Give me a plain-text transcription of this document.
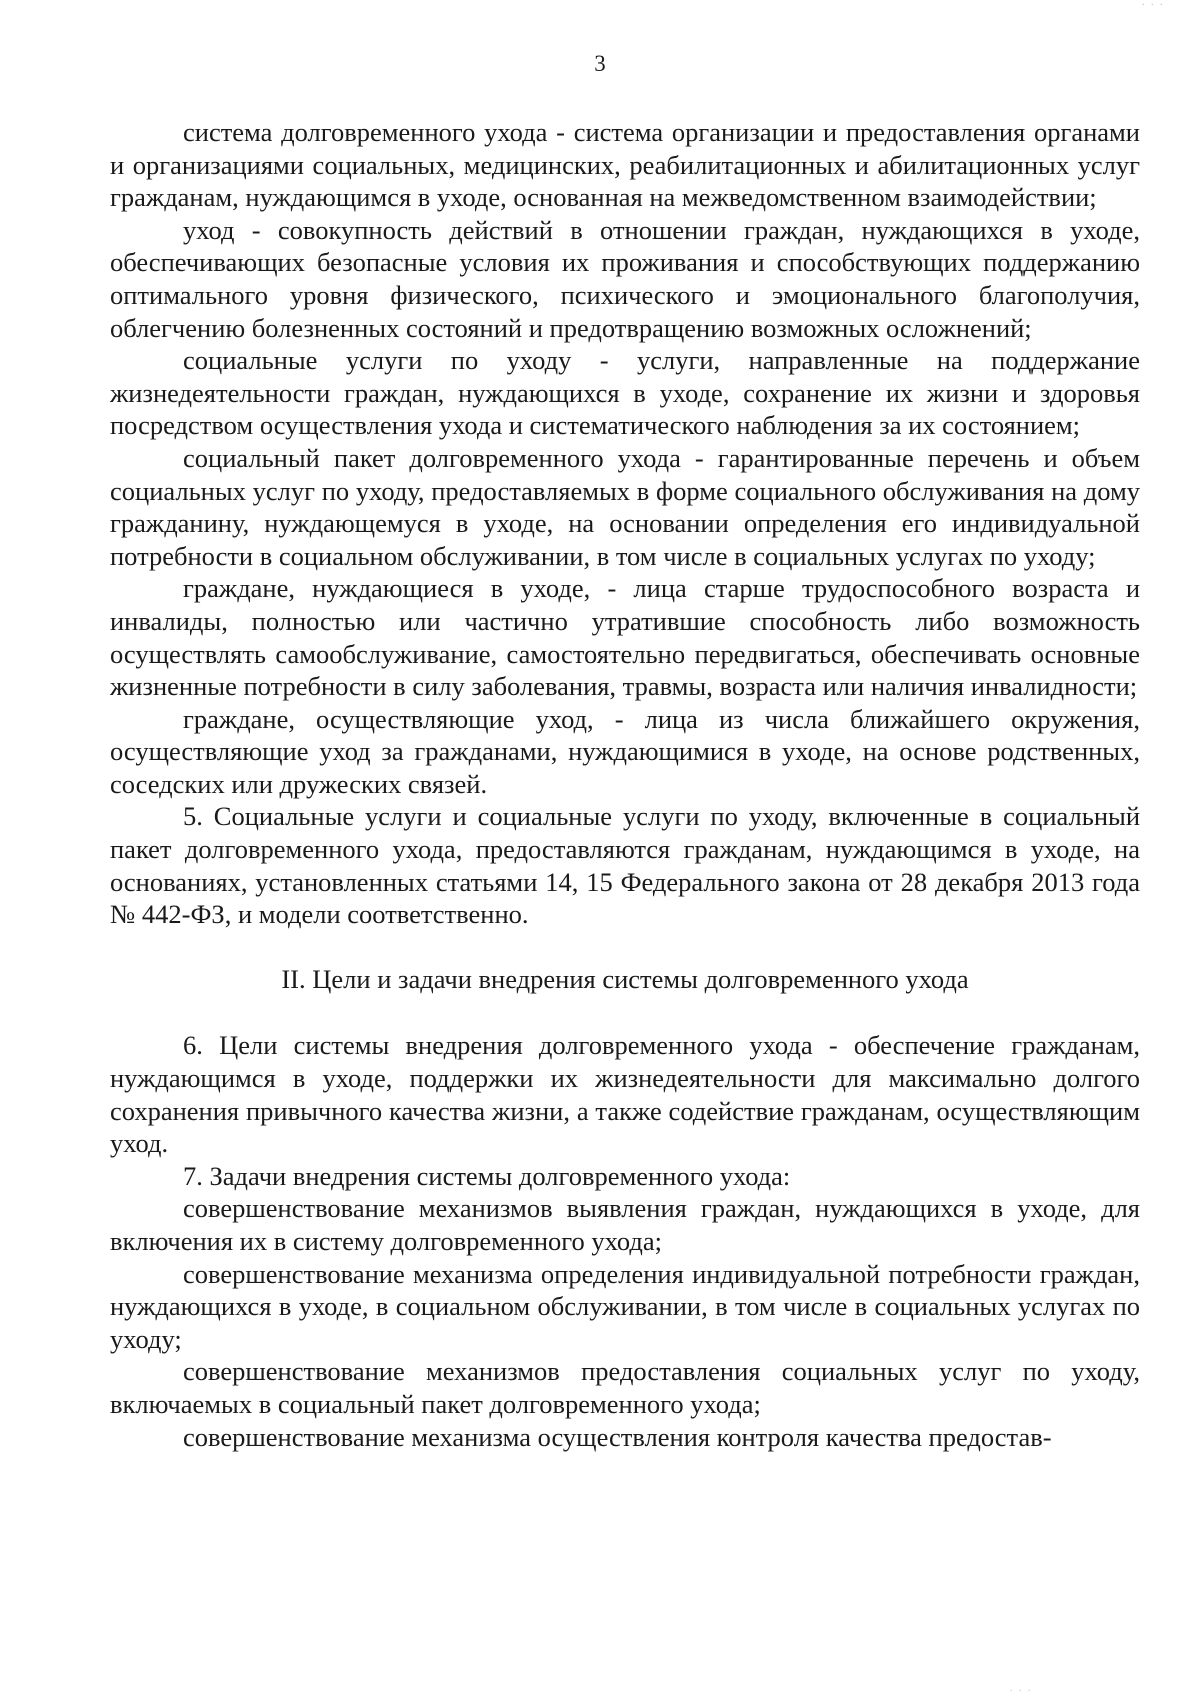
. . .
3

система долговременного ухода - система организации и предоставления органами и организациями социальных, медицинских, реабилитационных и абилитационных услуг гражданам, нуждающимся в уходе, основанная на межведомственном взаимодействии;

уход - совокупность действий в отношении граждан, нуждающихся в уходе, обеспечивающих безопасные условия их проживания и способствующих поддержанию оптимального уровня физического, психического и эмоционального благополучия, облегчению болезненных состояний и предотвращению возможных осложнений;

социальные услуги по уходу - услуги, направленные на поддержание жизнедеятельности граждан, нуждающихся в уходе, сохранение их жизни и здоровья посредством осуществления ухода и систематического наблюдения за их состоянием;

социальный пакет долговременного ухода - гарантированные перечень и объем социальных услуг по уходу, предоставляемых в форме социального обслуживания на дому гражданину, нуждающемуся в уходе, на основании определения его индивидуальной потребности в социальном обслуживании, в том числе в социальных услугах по уходу;

граждане, нуждающиеся в уходе, - лица старше трудоспособного возраста и инвалиды, полностью или частично утратившие способность либо возможность осуществлять самообслуживание, самостоятельно передвигаться, обеспечивать основные жизненные потребности в силу заболевания, травмы, возраста или наличия инвалидности;

граждане, осуществляющие уход, - лица из числа ближайшего окружения, осуществляющие уход за гражданами, нуждающимися в уходе, на основе родственных, соседских или дружеских связей.

5. Социальные услуги и социальные услуги по уходу, включенные в социальный пакет долговременного ухода, предоставляются гражданам, нуждающимся в уходе, на основаниях, установленных статьями 14, 15 Федерального закона от 28 декабря 2013 года № 442-ФЗ, и модели соответственно.

II. Цели и задачи внедрения системы долговременного ухода

6. Цели системы внедрения долговременного ухода - обеспечение гражданам, нуждающимся в уходе, поддержки их жизнедеятельности для максимально долгого сохранения привычного качества жизни, а также содействие гражданам, осуществляющим уход.

7. Задачи внедрения системы долговременного ухода:

совершенствование механизмов выявления граждан, нуждающихся в уходе, для включения их в систему долговременного ухода;

совершенствование механизма определения индивидуальной потребности граждан, нуждающихся в уходе, в социальном обслуживании, в том числе в социальных услугах по уходу;

совершенствование механизмов предоставления социальных услуг по уходу, включаемых в социальный пакет долговременного ухода;

совершенствование механизма осуществления контроля качества предостав-

. . .
